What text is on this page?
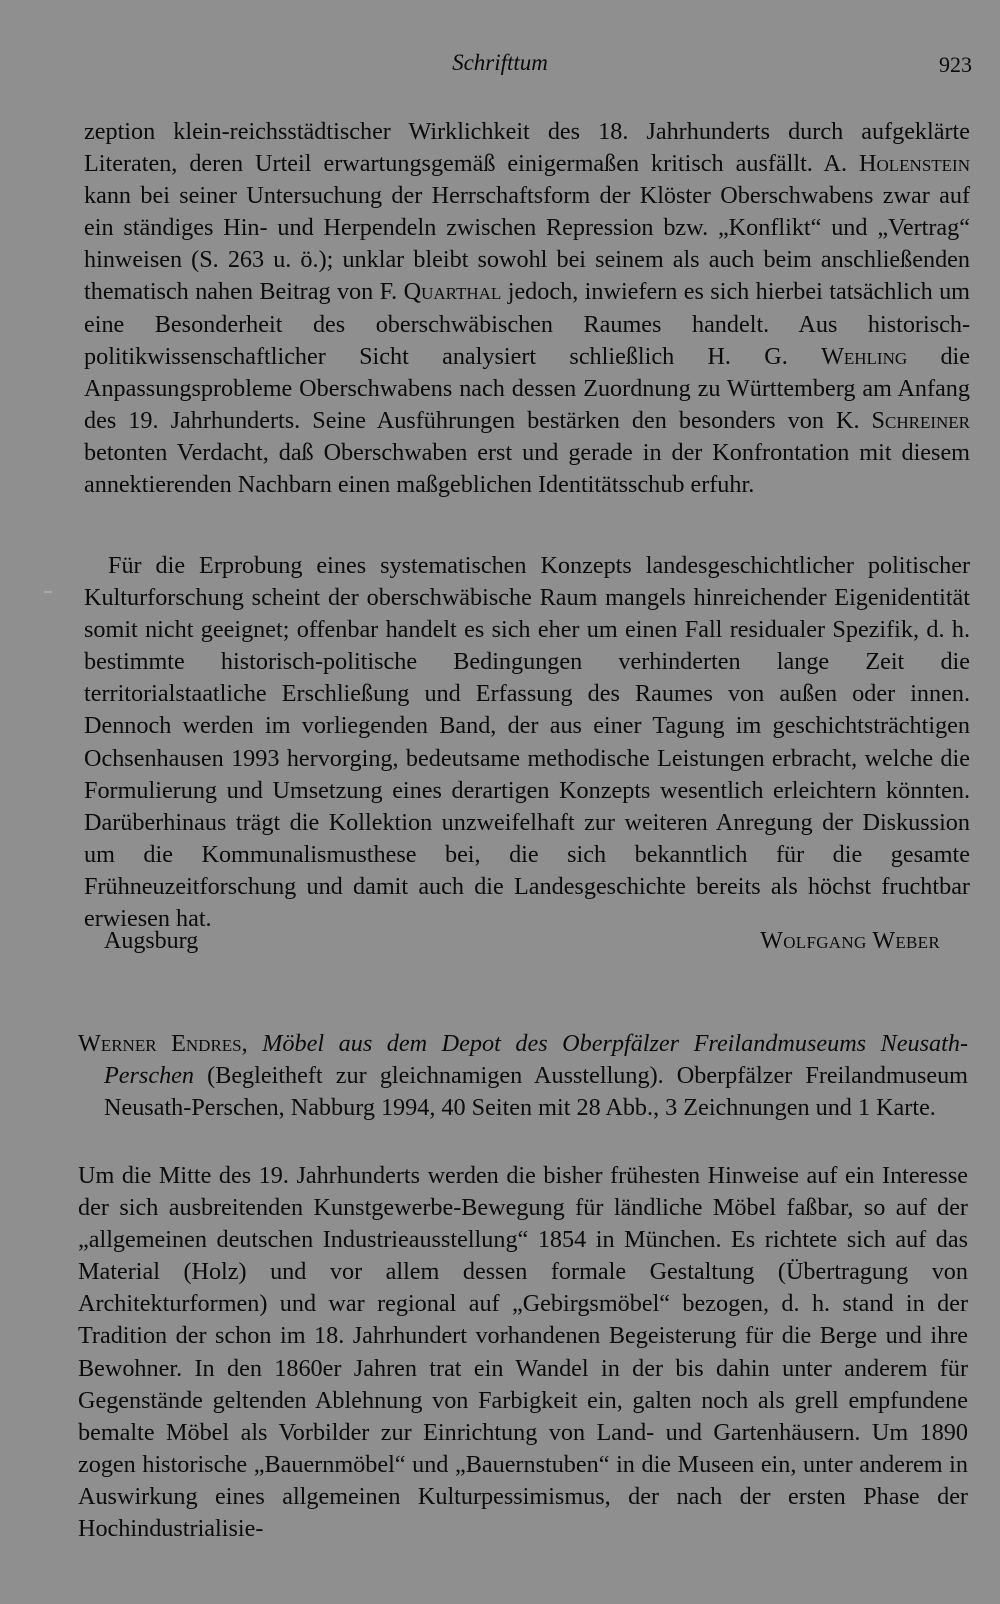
Schrifttum	923
zeption klein-reichsstädtischer Wirklichkeit des 18. Jahrhunderts durch aufgeklärte Literaten, deren Urteil erwartungsgemäß einigermaßen kritisch ausfällt. A. Holenstein kann bei seiner Untersuchung der Herrschaftsform der Klöster Oberschwabens zwar auf ein ständiges Hin- und Herpendeln zwischen Repression bzw. „Konflikt“ und „Vertrag“ hinweisen (S. 263 u. ö.); unklar bleibt sowohl bei seinem als auch beim anschließenden thematisch nahen Beitrag von F. Quarthal jedoch, inwiefern es sich hierbei tatsächlich um eine Besonderheit des oberschwäbischen Raumes handelt. Aus historisch-politikwissenschaftlicher Sicht analysiert schließlich H. G. Wehling die Anpassungsprobleme Oberschwabens nach dessen Zuordnung zu Württemberg am Anfang des 19. Jahrhunderts. Seine Ausführungen bestärken den besonders von K. Schreiner betonten Verdacht, daß Oberschwaben erst und gerade in der Konfrontation mit diesem annektierenden Nachbarn einen maßgeblichen Identitätsschub erfuhr.
Für die Erprobung eines systematischen Konzepts landesgeschichtlicher politischer Kulturforschung scheint der oberschwäbische Raum mangels hinreichender Eigenidentität somit nicht geeignet; offenbar handelt es sich eher um einen Fall residualer Spezifik, d. h. bestimmte historisch-politische Bedingungen verhinderten lange Zeit die territorialstaatliche Erschließung und Erfassung des Raumes von außen oder innen. Dennoch werden im vorliegenden Band, der aus einer Tagung im geschichtsträchtigen Ochsenhausen 1993 hervorging, bedeutsame methodische Leistungen erbracht, welche die Formulierung und Umsetzung eines derartigen Konzepts wesentlich erleichtern könnten. Darüberhinaus trägt die Kollektion unzweifelhaft zur weiteren Anregung der Diskussion um die Kommunalismusthese bei, die sich bekanntlich für die gesamte Frühneuzeitforschung und damit auch die Landesgeschichte bereits als höchst fruchtbar erwiesen hat.
Augsburg	Wolfgang Weber
Werner Endres, Möbel aus dem Depot des Oberpfälzer Freilandmuseums Neusath-Perschen (Begleitheft zur gleichnamigen Ausstellung). Oberpfälzer Freilandmuseum Neusath-Perschen, Nabburg 1994, 40 Seiten mit 28 Abb., 3 Zeichnungen und 1 Karte.
Um die Mitte des 19. Jahrhunderts werden die bisher frühesten Hinweise auf ein Interesse der sich ausbreitenden Kunstgewerbe-Bewegung für ländliche Möbel faßbar, so auf der „allgemeinen deutschen Industrieausstellung“ 1854 in München. Es richtete sich auf das Material (Holz) und vor allem dessen formale Gestaltung (Übertragung von Architekturformen) und war regional auf „Gebirgsmöbel“ bezogen, d. h. stand in der Tradition der schon im 18. Jahrhundert vorhandenen Begeisterung für die Berge und ihre Bewohner. In den 1860er Jahren trat ein Wandel in der bis dahin unter anderem für Gegenstände geltenden Ablehnung von Farbigkeit ein, galten noch als grell empfundene bemalte Möbel als Vorbilder zur Einrichtung von Land- und Gartenhäusern. Um 1890 zogen historische „Bauernmöbel“ und „Bauernstuben“ in die Museen ein, unter anderem in Auswirkung eines allgemeinen Kulturpessimismus, der nach der ersten Phase der Hochindustrialisie-
